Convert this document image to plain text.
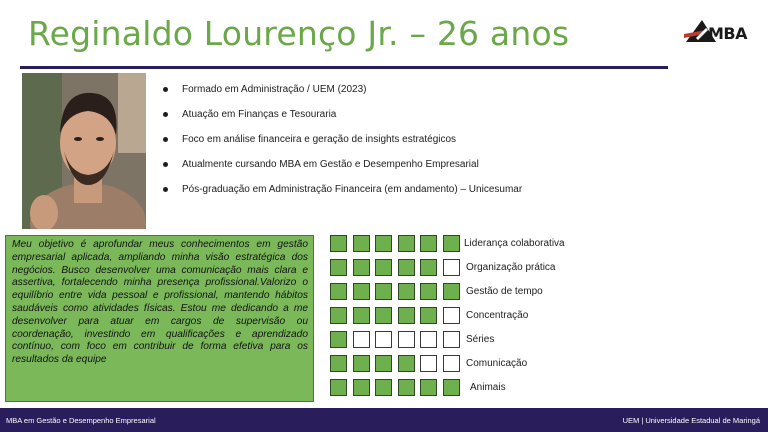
Reginaldo Lourenço Jr. – 26 anos	MBA
Formado em Administração / UEM (2023)
Atuação em Finanças e Tesouraria
Foco em análise financeira e geração de insights estratégicos
Atualmente cursando MBA em Gestão e Desempenho Empresarial
Pós-graduação em Administração Financeira (em andamento) – Unicesumar

Meu objetivo é aprofundar meus conhecimentos em gestão empresarial aplicada, ampliando minha visão estratégica dos negócios. Busco desenvolver uma comunicação mais clara e assertiva, fortalecendo minha presença profissional.Valorizo o equilíbrio entre vida pessoal e profissional, mantendo hábitos saudáveis como atividades físicas. Estou me dedicando a me desenvolver para atuar em cargos de supervisão ou coordenação, investindo em qualificações e aprendizado contínuo, com foco em contribuir de forma efetiva para os resultados da equipe

Liderança colaborativa
Organização prática
Gestão de tempo
Concentração
Séries
Comunicação
Animais
MBA em Gestão e Desempenho Empresarial	UEM | Universidade Estadual de Maringá
